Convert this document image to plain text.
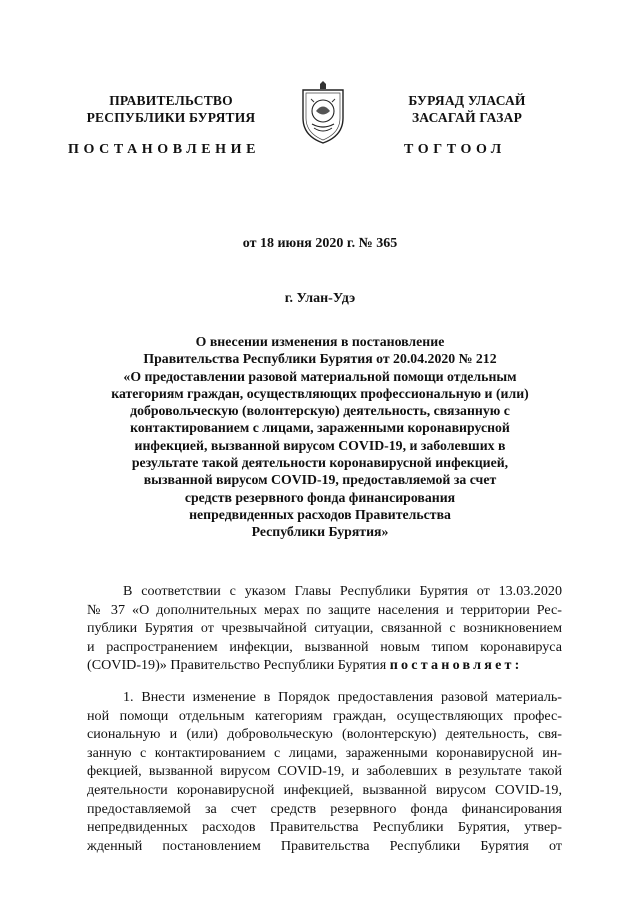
ПРАВИТЕЛЬСТВО
РЕСПУБЛИКИ БУРЯТИЯ
БУРЯАД УЛАСАЙ
ЗАСАГАЙ ГАЗАР
ПОСТАНОВЛЕНИЕ	ТОГТООЛ
от 18 июня 2020 г. № 365
г. Улан-Удэ
О внесении изменения в постановление
Правительства Республики Бурятия от 20.04.2020 № 212
«О предоставлении разовой материальной помощи отдельным
категориям граждан, осуществляющих профессиональную и (или)
добровольческую (волонтерскую) деятельность, связанную с
контактированием с лицами, зараженными коронавирусной
инфекцией, вызванной вирусом COVID-19, и заболевших в
результате такой деятельности коронавирусной инфекцией,
вызванной вирусом COVID-19, предоставляемой за счет
средств резервного фонда финансирования
непредвиденных расходов Правительства
Республики Бурятия»
В соответствии с указом Главы Республики Бурятия от 13.03.2020
№ 37 «О дополнительных мерах по защите населения и территории Рес-
публики Бурятия от чрезвычайной ситуации, связанной с возникновением
и распространением инфекции, вызванной новым типом коронавируса
(COVID-19)» Правительство Республики Бурятия постановляет:
1. Внести изменение в Порядок предоставления разовой материаль-
ной помощи отдельным категориям граждан, осуществляющих профес-
сиональную и (или) добровольческую (волонтерскую) деятельность, свя-
занную с контактированием с лицами, зараженными коронавирусной ин-
фекцией, вызванной вирусом COVID-19, и заболевших в результате такой
деятельности коронавирусной инфекцией, вызванной вирусом COVID-19,
предоставляемой за счет средств резервного фонда финансирования
непредвиденных расходов Правительства Республики Бурятия, утвер-
жденный постановлением Правительства Республики Бурятия от
